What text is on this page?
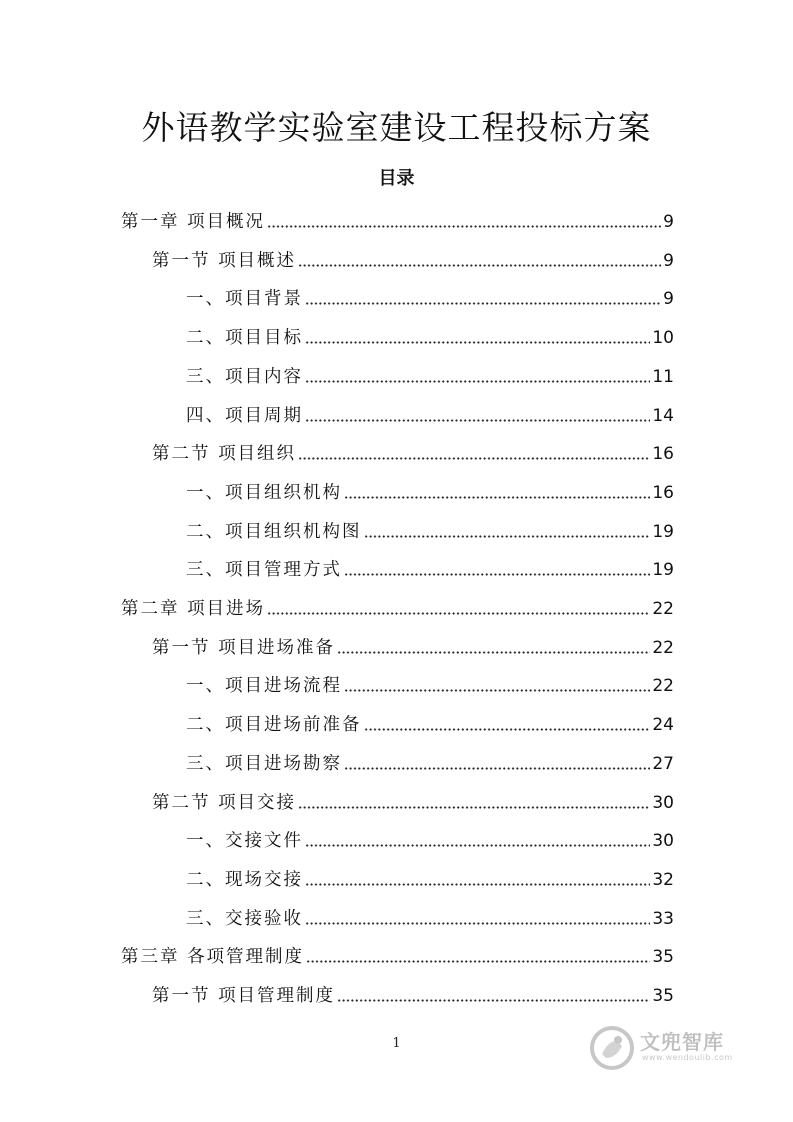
外语教学实验室建设工程投标方案
目录
第一章 项目概况	9
第一节 项目概述	9
一、项目背景	9
二、项目目标	10
三、项目内容	11
四、项目周期	14
第二节 项目组织	16
一、项目组织机构	16
二、项目组织机构图	19
三、项目管理方式	19
第二章 项目进场	22
第一节 项目进场准备	22
一、项目进场流程	22
二、项目进场前准备	24
三、项目进场勘察	27
第二节 项目交接	30
一、交接文件	30
二、现场交接	32
三、交接验收	33
第三章 各项管理制度	35
第一节 项目管理制度	35
1	文兜智库
www.wendoulib.com
